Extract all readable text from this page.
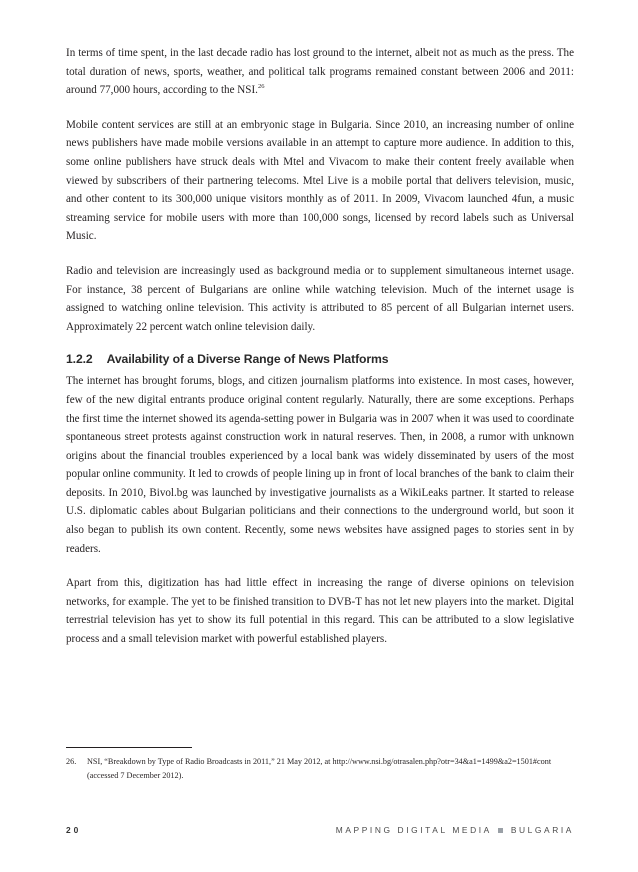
In terms of time spent, in the last decade radio has lost ground to the internet, albeit not as much as the press. The total duration of news, sports, weather, and political talk programs remained constant between 2006 and 2011: around 77,000 hours, according to the NSI.$^{26}$

Mobile content services are still at an embryonic stage in Bulgaria. Since 2010, an increasing number of online news publishers have made mobile versions available in an attempt to capture more audience. In addition to this, some online publishers have struck deals with Mtel and Vivacom to make their content freely available when viewed by subscribers of their partnering telecoms. Mtel Live is a mobile portal that delivers television, music, and other content to its 300,000 unique visitors monthly as of 2011. In 2009, Vivacom launched 4fun, a music streaming service for mobile users with more than 100,000 songs, licensed by record labels such as Universal Music.

Radio and television are increasingly used as background media or to supplement simultaneous internet usage. For instance, 38 percent of Bulgarians are online while watching television. Much of the internet usage is assigned to watching online television. This activity is attributed to 85 percent of all Bulgarian internet users. Approximately 22 percent watch online television daily.

1.2.2 Availability of a Diverse Range of News Platforms

The internet has brought forums, blogs, and citizen journalism platforms into existence. In most cases, however, few of the new digital entrants produce original content regularly. Naturally, there are some exceptions. Perhaps the first time the internet showed its agenda-setting power in Bulgaria was in 2007 when it was used to coordinate spontaneous street protests against construction work in natural reserves. Then, in 2008, a rumor with unknown origins about the financial troubles experienced by a local bank was widely disseminated by users of the most popular online community. It led to crowds of people lining up in front of local branches of the bank to claim their deposits. In 2010, Bivol.bg was launched by investigative journalists as a WikiLeaks partner. It started to release U.S. diplomatic cables about Bulgarian politicians and their connections to the underground world, but soon it also began to publish its own content. Recently, some news websites have assigned pages to stories sent in by readers.

Apart from this, digitization has had little effect in increasing the range of diverse opinions on television networks, for example. The yet to be finished transition to DVB-T has not let new players into the market. Digital terrestrial television has yet to show its full potential in this regard. This can be attributed to a slow legislative process and a small television market with powerful established players.

26. NSI, “Breakdown by Type of Radio Broadcasts in 2011,” 21 May 2012, at http://www.nsi.bg/otrasalen.php?otr=34&a1=1499&a2=1501#cont (accessed 7 December 2012).
20	MAPPING DIGITAL MEDIA BULGARIA
